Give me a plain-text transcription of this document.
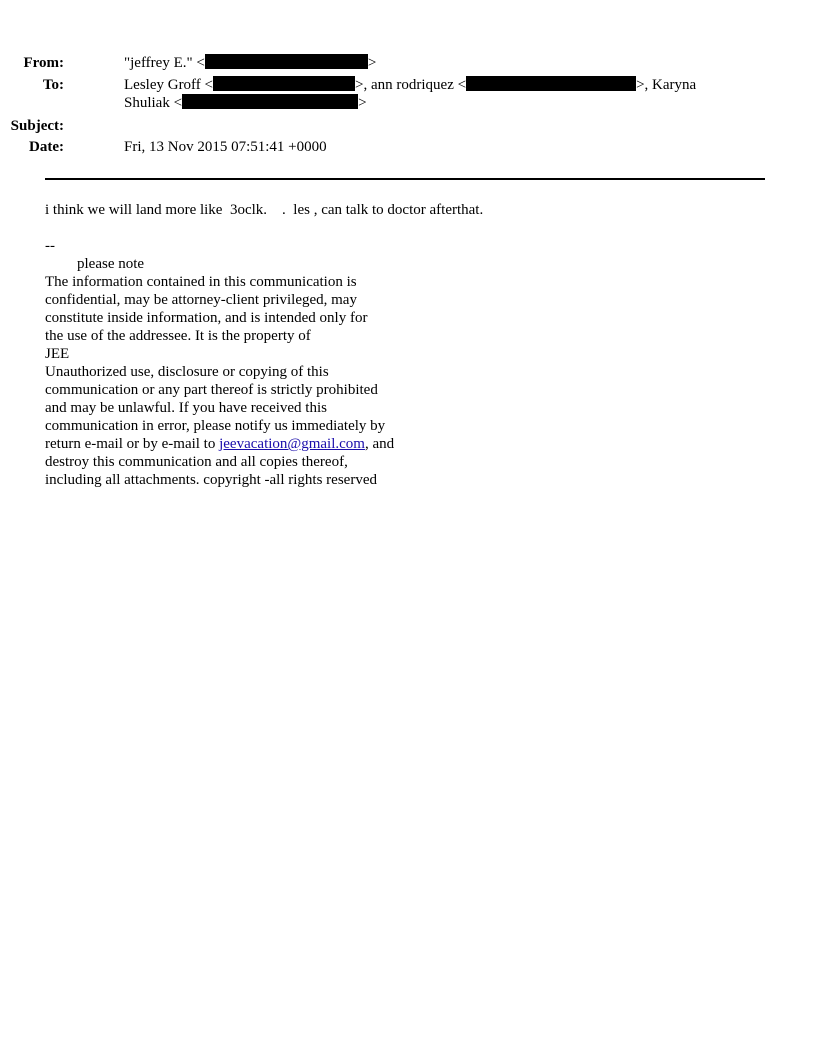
From:	"jeffrey E." <	>
To:	Lesley Groff <	>, ann rodriquez <	>, Karyna
Shuliak <	>
Subject:
Date:	Fri, 13 Nov 2015 07:51:41 +0000
i think we will land more like  3oclk.    .  les , can talk to doctor afterthat.

--
please note
The information contained in this communication is
confidential, may be attorney-client privileged, may
constitute inside information, and is intended only for
the use of the addressee. It is the property of
JEE
Unauthorized use, disclosure or copying of this
communication or any part thereof is strictly prohibited
and may be unlawful. If you have received this
communication in error, please notify us immediately by
return e-mail or by e-mail to jeevacation@gmail.com, and
destroy this communication and all copies thereof,
including all attachments. copyright -all rights reserved
